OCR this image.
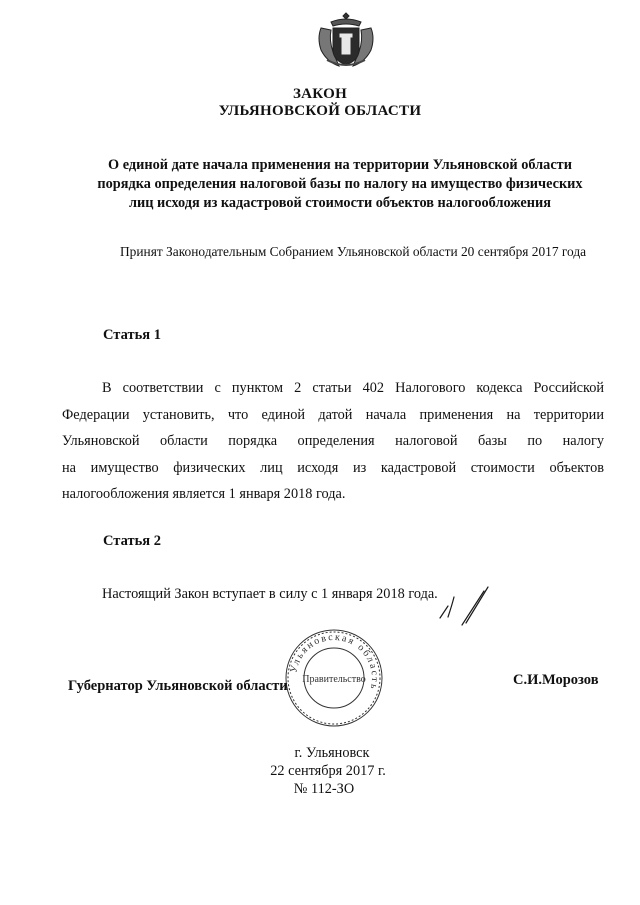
ЗАКОН
УЛЬЯНОВСКОЙ ОБЛАСТИ
О единой дате начала применения на территории Ульяновской области
порядка определения налоговой базы по налогу на имущество физических
лиц исходя из кадастровой стоимости объектов налогообложения
Принят Законодательным Собранием Ульяновской области 20 сентября 2017 года
Статья 1
В соответствии с пунктом 2 статьи 402 Налогового кодекса Российской
Федерации установить, что единой датой начала применения на территории
Ульяновской области порядка определения налоговой базы по налогу
на имущество физических лиц исходя из кадастровой стоимости объектов
налогообложения является 1 января 2018 года.
Статья 2
Настоящий Закон вступает в силу с 1 января 2018 года.
Ульяновская область
Правительство
Губернатор Ульяновской области	С.И.Морозов
г. Ульяновск
22 сентября 2017 г.
№ 112-ЗО
